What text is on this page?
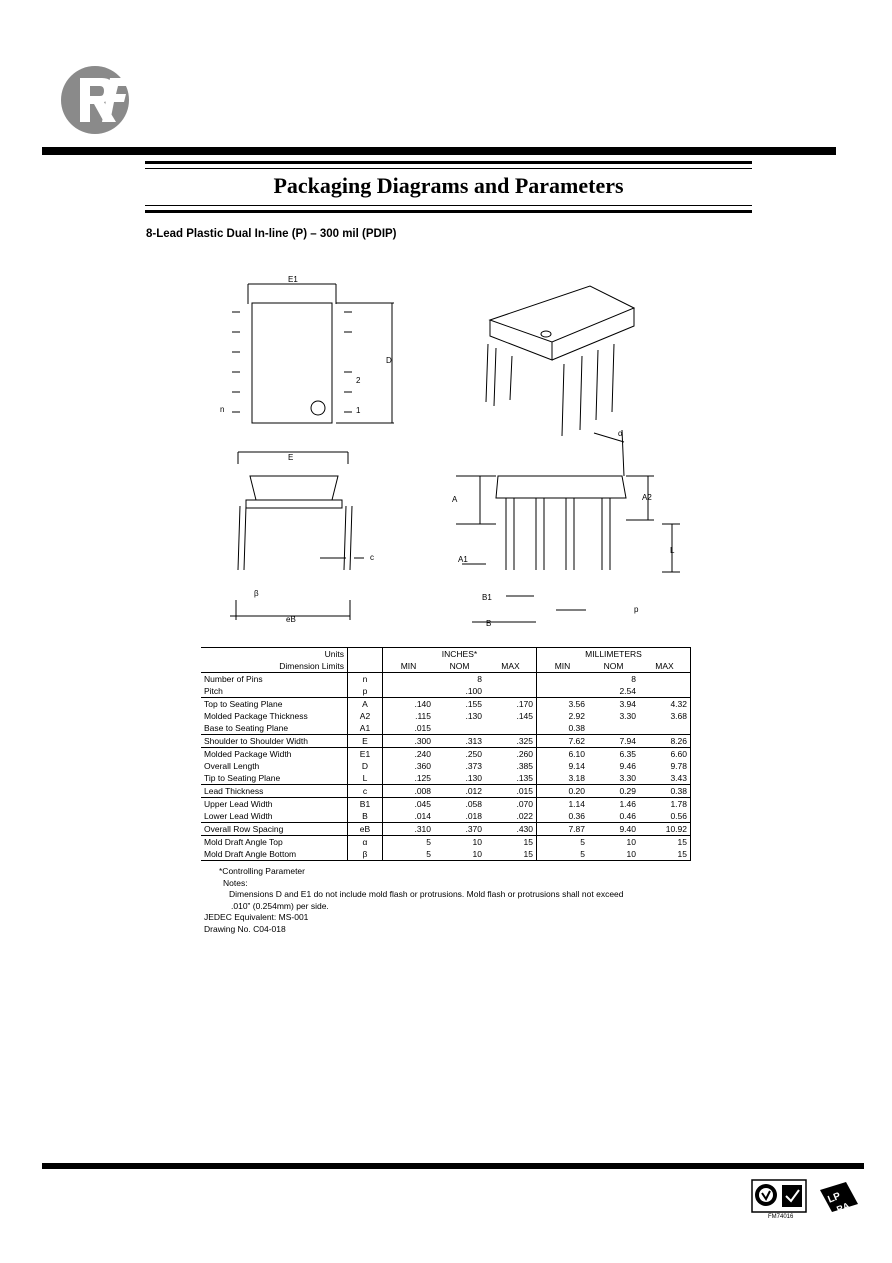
Packaging Diagrams and Parameters
8-Lead Plastic Dual In-line (P) – 300 mil (PDIP)
E1
D
n
2
1
E
c
β
eB
A	A2
A1
L
B1
B
p
α
Units		INCHES*			MILLIMETERS		
Dimension Limits		MIN	NOM	MAX	MIN	NOM	MAX
Number of Pins	n		8			8	
Pitch	p		.100			2.54	
Top to Seating Plane	A	.140	.155	.170	3.56	3.94	4.32
Molded Package Thickness	A2	.115	.130	.145	2.92	3.30	3.68
Base to Seating Plane	A1	.015			0.38		
Shoulder to Shoulder Width	E	.300	.313	.325	7.62	7.94	8.26
Molded Package Width	E1	.240	.250	.260	6.10	6.35	6.60
Overall Length	D	.360	.373	.385	9.14	9.46	9.78
Tip to Seating Plane	L	.125	.130	.135	3.18	3.30	3.43
Lead Thickness	c	.008	.012	.015	0.20	0.29	0.38
Upper Lead Width	B1	.045	.058	.070	1.14	1.46	1.78
Lower Lead Width	B	.014	.018	.022	0.36	0.46	0.56
Overall Row Spacing	eB	.310	.370	.430	7.87	9.40	10.92
Mold Draft Angle Top	α	5	10	15	5	10	15
Mold Draft Angle Bottom	β	5	10	15	5	10	15
*Controlling Parameter
Notes:
Dimensions D and E1 do not include mold flash or protrusions. Mold flash or protrusions shall not exceed
.010” (0.254mm) per side.
JEDEC Equivalent: MS-001
Drawing No. C04-018
LP
RA
FM74016
